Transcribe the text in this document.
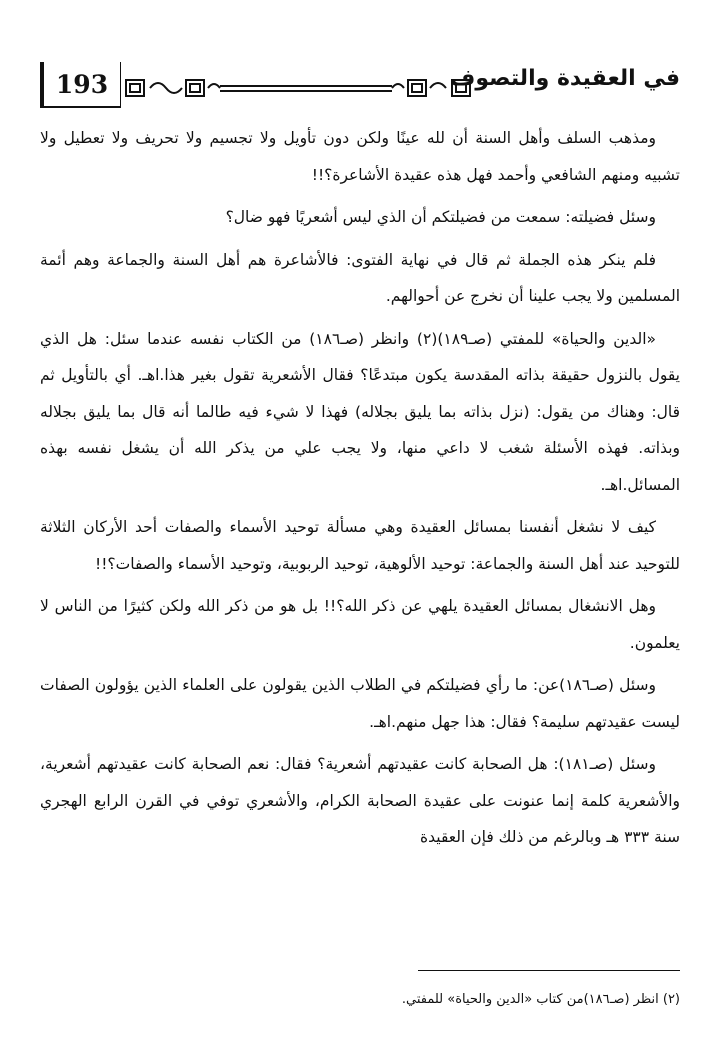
193	في العقيدة والتصوف

ومذهب السلف وأهل السنة أن لله عينًا ولكن دون تأويل ولا تجسيم ولا تحريف ولا تعطيل ولا تشبيه ومنهم الشافعي وأحمد فهل هذه عقيدة الأشاعرة؟!!

وسئل فضيلته: سمعت من فضيلتكم أن الذي ليس أشعريًا فهو ضال؟

فلم ينكر هذه الجملة ثم قال في نهاية الفتوى: فالأشاعرة هم أهل السنة والجماعة وهم أئمة المسلمين ولا يجب علينا أن نخرج عن أحوالهم.

«الدين والحياة» للمفتي (صـ١٨٩)(٢) وانظر (صـ١٨٦) من الكتاب نفسه عندما سئل: هل الذي يقول بالنزول حقيقة بذاته المقدسة يكون مبتدعًا؟ فقال الأشعرية تقول بغير هذا.اهـ. أي بالتأويل ثم قال: وهناك من يقول: (نزل بذاته بما يليق بجلاله) فهذا لا شيء فيه طالما أنه قال بما يليق بجلاله وبذاته. فهذه الأسئلة شغب لا داعي منها، ولا يجب علي من يذكر الله أن يشغل نفسه بهذه المسائل.اهـ.

كيف لا نشغل أنفسنا بمسائل العقيدة وهي مسألة توحيد الأسماء والصفات أحد الأركان الثلاثة للتوحيد عند أهل السنة والجماعة: توحيد الألوهية، توحيد الربوبية، وتوحيد الأسماء والصفات؟!!

وهل الانشغال بمسائل العقيدة يلهي عن ذكر الله؟!! بل هو من ذكر الله ولكن كثيرًا من الناس لا يعلمون.

وسئل (صـ١٨٦)عن: ما رأي فضيلتكم في الطلاب الذين يقولون على العلماء الذين يؤولون الصفات ليست عقيدتهم سليمة؟ فقال: هذا جهل منهم.اهـ.

وسئل (صـ١٨١): هل الصحابة كانت عقيدتهم أشعرية؟ فقال: نعم الصحابة كانت عقيدتهم أشعرية، والأشعرية كلمة إنما عنونت على عقيدة الصحابة الكرام، والأشعري توفي في القرن الرابع الهجري سنة ٣٣٣ هـ وبالرغم من ذلك فإن العقيدة

(٢) انظر (صـ١٨٦)من كتاب «الدين والحياة» للمفتي.
